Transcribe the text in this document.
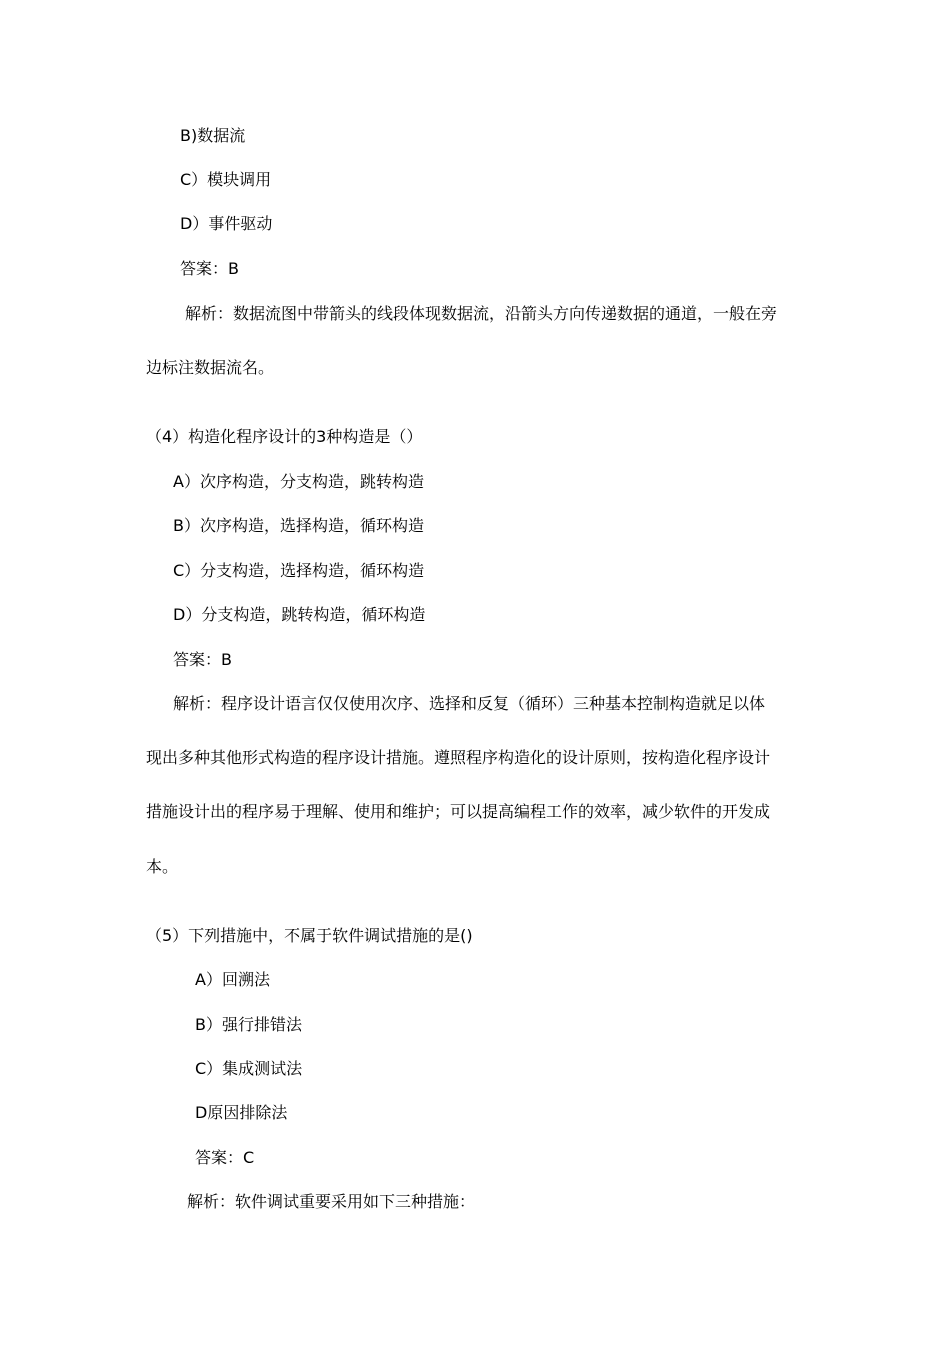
B)数据流
C）模块调用
D）事件驱动
答案：B
解析：数据流图中带箭头的线段体现数据流，沿箭头方向传递数据的通道，一般在旁
边标注数据流名。
（4）构造化程序设计的3种构造是（）
A）次序构造，分支构造，跳转构造
B）次序构造，选择构造，循环构造
C）分支构造，选择构造，循环构造
D）分支构造，跳转构造，循环构造
答案：B
解析：程序设计语言仅仅使用次序、选择和反复（循环）三种基本控制构造就足以体
现出多种其他形式构造的程序设计措施。遵照程序构造化的设计原则，按构造化程序设计
措施设计出的程序易于理解、使用和维护；可以提高编程工作的效率，减少软件的开发成
本。
（5）下列措施中，不属于软件调试措施的是()
A）回溯法
B）强行排错法
C）集成测试法
D原因排除法
答案：C
解析：软件调试重要采用如下三种措施：
